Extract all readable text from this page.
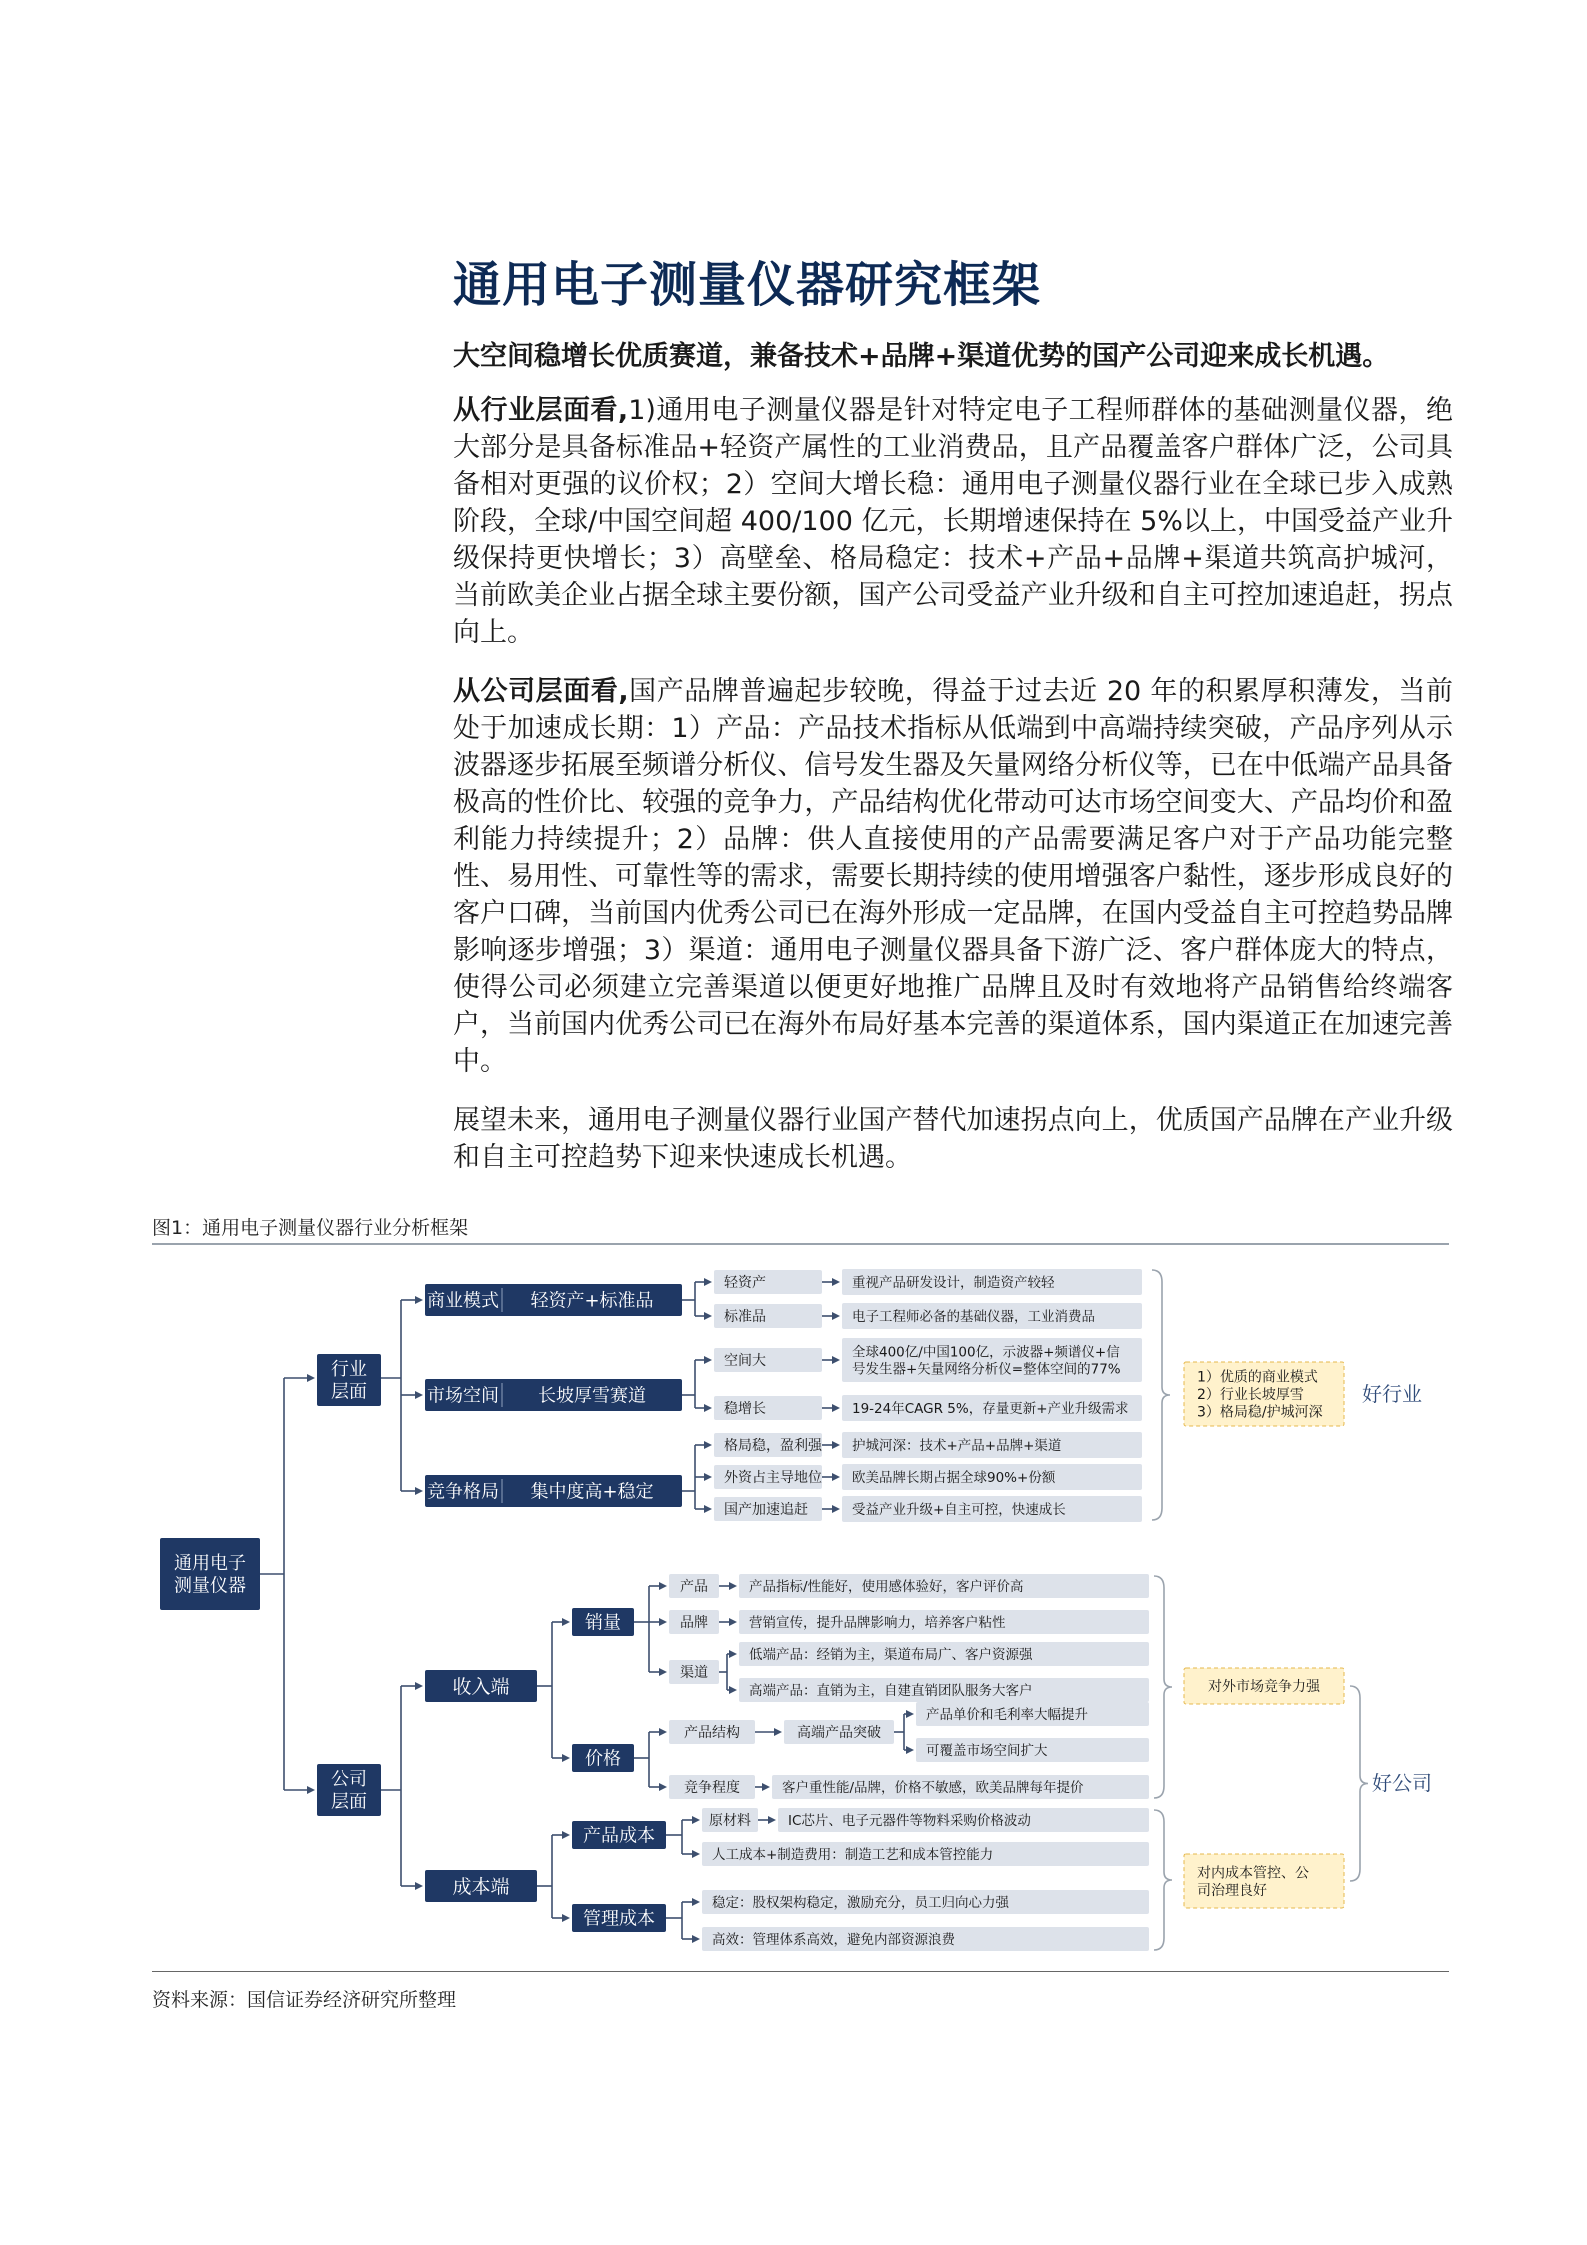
通用电子测量仪器研究框架

大空间稳增长优质赛道，兼备技术+品牌+渠道优势的国产公司迎来成长机遇。

从行业层面看,1)通用电子测量仪器是针对特定电子工程师群体的基础测量仪器，绝大部分是具备标准品+轻资产属性的工业消费品，且产品覆盖客户群体广泛，公司具备相对更强的议价权；2）空间大增长稳：通用电子测量仪器行业在全球已步入成熟阶段，全球/中国空间超 400/100 亿元，长期增速保持在 5%以上，中国受益产业升级保持更快增长；3）高壁垒、格局稳定：技术+产品+品牌+渠道共筑高护城河，当前欧美企业占据全球主要份额，国产公司受益产业升级和自主可控加速追赶，拐点向上。

从公司层面看,国产品牌普遍起步较晚，得益于过去近 20 年的积累厚积薄发，当前处于加速成长期：1）产品：产品技术指标从低端到中高端持续突破，产品序列从示波器逐步拓展至频谱分析仪、信号发生器及矢量网络分析仪等，已在中低端产品具备极高的性价比、较强的竞争力，产品结构优化带动可达市场空间变大、产品均价和盈利能力持续提升；2）品牌：供人直接使用的产品需要满足客户对于产品功能完整性、易用性、可靠性等的需求，需要长期持续的使用增强客户黏性，逐步形成良好的客户口碑，当前国内优秀公司已在海外形成一定品牌，在国内受益自主可控趋势品牌影响逐步增强；3）渠道：通用电子测量仪器具备下游广泛、客户群体庞大的特点，使得公司必须建立完善渠道以便更好地推广品牌且及时有效地将产品销售给终端客户，当前国内优秀公司已在海外布局好基本完善的渠道体系，国内渠道正在加速完善中。

展望未来，通用电子测量仪器行业国产替代加速拐点向上，优质国产品牌在产业升级和自主可控趋势下迎来快速成长机遇。

图1：通用电子测量仪器行业分析框架
通用电子测量仪器
行业层面
公司层面
商业模式 轻资产+标准品
市场空间 长坡厚雪赛道
竞争格局 集中度高+稳定
轻资产	重视产品研发设计，制造资产较轻
标准品	电子工程师必备的基础仪器，工业消费品
空间大
全球400亿/中国100亿，示波器+频谱仪+信号发生器+矢量网络分析仪=整体空间的77%
稳增长	19-24年CAGR 5%，存量更新+产业升级需求
格局稳，盈利强 护城河深：技术+产品+品牌+渠道
外资占主导地位 欧美品牌长期占据全球90%+份额
国产加速追赶	受益产业升级+自主可控，快速成长
1）优质的商业模式 2）行业长坡厚雪 3）格局稳/护城河深
好行业
收入端
成本端
销量
价格
产品	产品指标/性能好，使用感体验好，客户评价高
品牌	营销宣传，提升品牌影响力，培养客户粘性
渠道
低端产品：经销为主，渠道布局广、客户资源强
高端产品：直销为主，自建直销团队服务大客户
产品结构	高端产品突破
产品单价和毛利率大幅提升
可覆盖市场空间扩大
竞争程度	客户重性能/品牌，价格不敏感，欧美品牌每年提价
对外市场竞争力强
产品成本
管理成本
原材料	IC芯片、电子元器件等物料采购价格波动
人工成本+制造费用：制造工艺和成本管控能力
稳定：股权架构稳定，激励充分，员工归向心力强
高效：管理体系高效，避免内部资源浪费
对内成本管控、公司治理良好
好公司
资料来源：国信证券经济研究所整理
